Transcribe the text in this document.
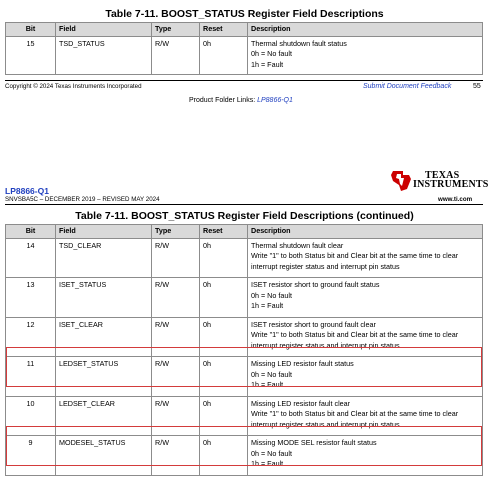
Table 7-11. BOOST_STATUS Register Field Descriptions
Bit	Field	Type	Reset	Description
15	TSD_STATUS	R/W	0h	Thermal shutdown fault status
0h = No fault
1h = Fault
Copyright © 2024 Texas Instruments Incorporated	Submit Document Feedback	55
Product Folder Links: LP8866-Q1
TEXAS
INSTRUMENTS
LP8866-Q1
SNVSBA5C – DECEMBER 2019 – REVISED MAY 2024	www.ti.com
Table 7-11. BOOST_STATUS Register Field Descriptions (continued)
Bit	Field	Type	Reset	Description
14	TSD_CLEAR	R/W	0h	Thermal shutdown fault clear
Write "1" to both Status bit and Clear bit at the same time to clear
interrupt register status and interrupt pin status

13	ISET_STATUS	R/W	0h	ISET resistor short to ground fault status
0h = No fault
1h = Fault

12	ISET_CLEAR	R/W	0h	ISET resistor short to ground fault clear
Write "1" to both Status bit and Clear bit at the same time to clear
interrupt register status and interrupt pin status

11	LEDSET_STATUS	R/W	0h	Missing LED resistor fault status
0h = No fault
1h = Fault

10	LEDSET_CLEAR	R/W	0h	Missing LED resistor fault clear
Write "1" to both Status bit and Clear bit at the same time to clear
interrupt register status and interrupt pin status

9	MODESEL_STATUS	R/W	0h	Missing MODE SEL resistor fault status
0h = No fault
1h = Fault
